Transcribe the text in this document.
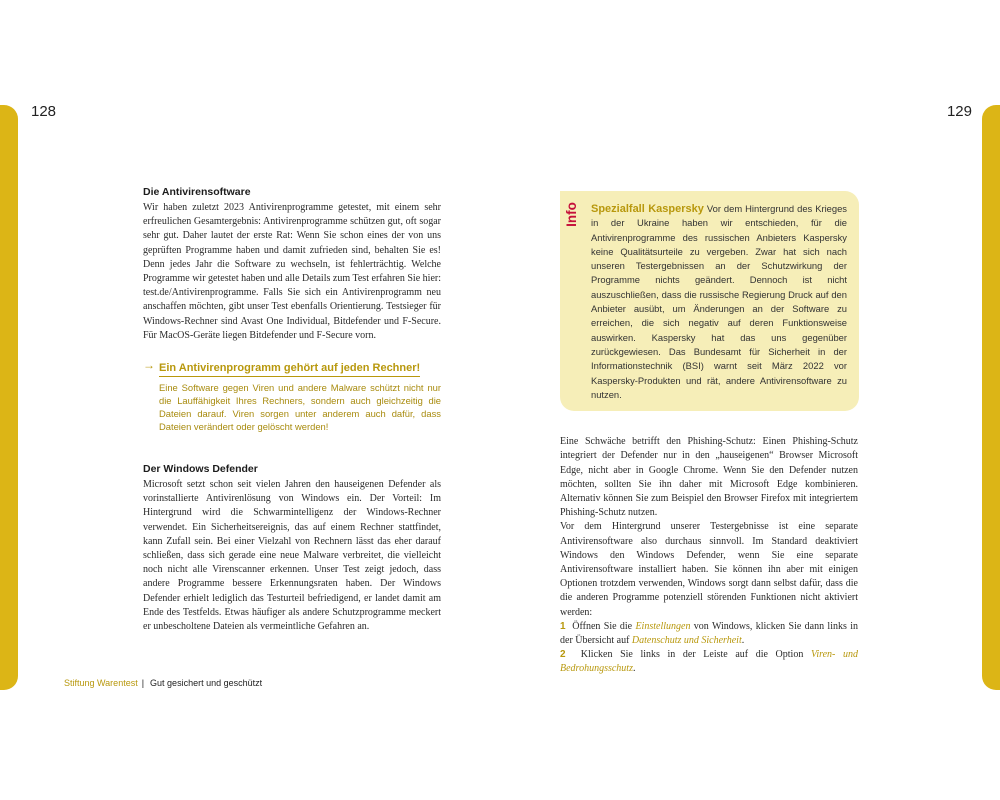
128	129
Die Antivirensoftware

Wir haben zuletzt 2023 Antivirenprogramme getestet, mit einem sehr erfreulichen Gesamtergebnis: Antivirenprogramme schützen gut, oft sogar sehr gut. Daher lautet der erste Rat: Wenn Sie schon eines der von uns geprüften Programme haben und damit zufrieden sind, behalten Sie es! Denn jedes Jahr die Software zu wechseln, ist fehlerträchtig. Welche Programme wir getestet haben und alle Details zum Test erfahren Sie hier: test.de/Antivirenprogramme. Falls Sie sich ein Antivirenprogramm neu anschaffen möchten, gibt unser Test ebenfalls Orientierung. Testsieger für Windows-Rechner sind Avast One Individual, Bitdefender und F-Secure. Für MacOS-Geräte liegen Bitdefender und F-Secure vorn.

→ Ein Antivirenprogramm gehört auf jeden Rechner!

Eine Software gegen Viren und andere Malware schützt nicht nur die Lauffähigkeit Ihres Rechners, sondern auch gleichzeitig die Dateien darauf. Viren sorgen unter anderem auch dafür, dass Dateien verändert oder gelöscht werden!

Der Windows Defender

Microsoft setzt schon seit vielen Jahren den hauseigenen Defender als vorinstallierte Antivirenlösung von Windows ein. Der Vorteil: Im Hintergrund wird die Schwarmintelligenz der Windows-Rechner verwendet. Ein Sicherheitsereignis, das auf einem Rechner stattfindet, kann Zufall sein. Bei einer Vielzahl von Rechnern lässt das eher darauf schließen, dass sich gerade eine neue Malware verbreitet, die vielleicht noch nicht alle Virenscanner erkennen. Unser Test zeigt jedoch, dass andere Programme bessere Erkennungsraten haben. Der Windows Defender erhielt lediglich das Testurteil befriedigend, er landet damit am Ende des Testfelds. Etwas häufiger als andere Schutzprogramme meckert er unbescholtene Dateien als vermeintliche Gefahren an.

Info Spezialfall Kaspersky Vor dem Hintergrund des Krieges in der Ukraine haben wir entschieden, für die Antivirenprogramme des russischen Anbieters Kaspersky keine Qualitätsurteile zu vergeben. Zwar hat sich nach unseren Testergebnissen an der Schutzwirkung der Programme nichts geändert. Dennoch ist nicht auszuschließen, dass die russische Regierung Druck auf den Anbieter ausübt, um Änderungen an der Software zu erreichen, die sich negativ auf deren Funktionsweise auswirken. Kaspersky hat das uns gegenüber zurückgewiesen. Das Bundesamt für Sicherheit in der Informationstechnik (BSI) warnt seit März 2022 vor Kaspersky-Produkten und rät, andere Antivirensoftware zu nutzen.

Eine Schwäche betrifft den Phishing-Schutz: Einen Phishing-Schutz integriert der Defender nur in den „hauseigenen“ Browser Microsoft Edge, nicht aber in Google Chrome. Wenn Sie den Defender nutzen möchten, sollten Sie ihn daher mit Microsoft Edge kombinieren. Alternativ können Sie zum Beispiel den Browser Firefox mit integriertem Phishing-Schutz nutzen.

Vor dem Hintergrund unserer Testergebnisse ist eine separate Antivirensoftware also durchaus sinnvoll. Im Standard deaktiviert Windows den Windows Defender, wenn Sie eine separate Antivirensoftware installiert haben. Sie können ihn aber mit einigen Optionen trotzdem verwenden, Windows sorgt dann selbst dafür, dass die die anderen Programme potenziell störenden Funktionen nicht aktiviert werden:

1 Öffnen Sie die Einstellungen von Windows, klicken Sie dann links in der Übersicht auf Datenschutz und Sicherheit.

2 Klicken Sie links in der Leiste auf die Option Viren- und Bedrohungsschutz.

Stiftung Warentest | Gut gesichert und geschützt
